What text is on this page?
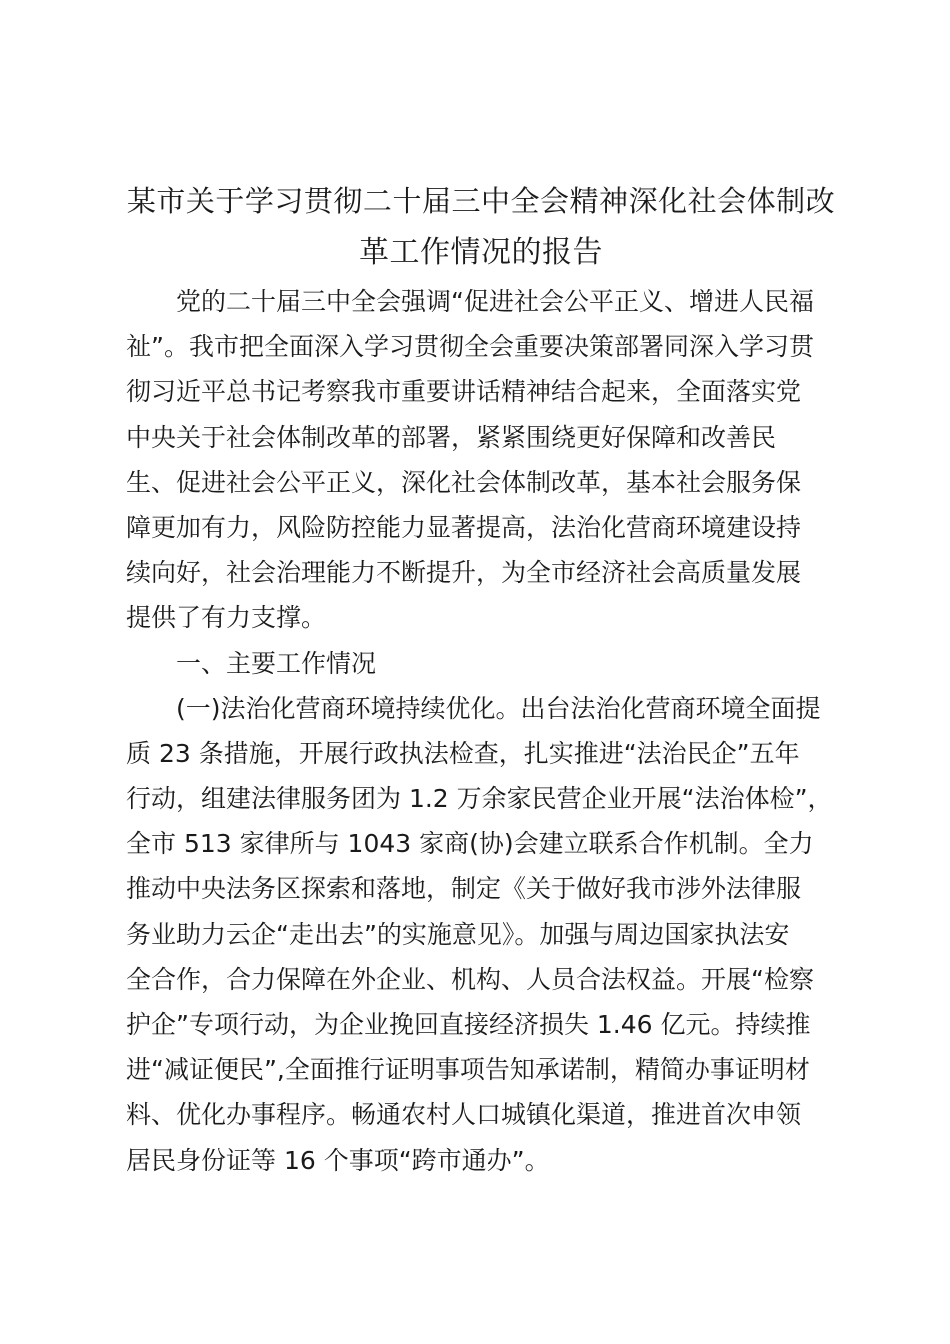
某市关于学习贯彻二十届三中全会精神深化社会体制改
革工作情况的报告
党的二十届三中全会强调“促进社会公平正义、增进人民福
祉”。我市把全面深入学习贯彻全会重要决策部署同深入学习贯
彻习近平总书记考察我市重要讲话精神结合起来，全面落实党
中央关于社会体制改革的部署，紧紧围绕更好保障和改善民
生、促进社会公平正义，深化社会体制改革，基本社会服务保
障更加有力，风险防控能力显著提高，法治化营商环境建设持
续向好，社会治理能力不断提升，为全市经济社会高质量发展
提供了有力支撑。
一、主要工作情况
(一)法治化营商环境持续优化。出台法治化营商环境全面提
质 23 条措施，开展行政执法检查，扎实推进“法治民企”五年
行动，组建法律服务团为 1.2 万余家民营企业开展“法治体检”，
全市 513 家律所与 1043 家商(协)会建立联系合作机制。全力
推动中央法务区探索和落地，制定《关于做好我市涉外法律服
务业助力云企“走出去”的实施意见》。加强与周边国家执法安
全合作，合力保障在外企业、机构、人员合法权益。开展“检察
护企”专项行动，为企业挽回直接经济损失 1.46 亿元。持续推
进“减证便民”,全面推行证明事项告知承诺制，精简办事证明材
料、优化办事程序。畅通农村人口城镇化渠道，推进首次申领
居民身份证等 16 个事项“跨市通办”。
